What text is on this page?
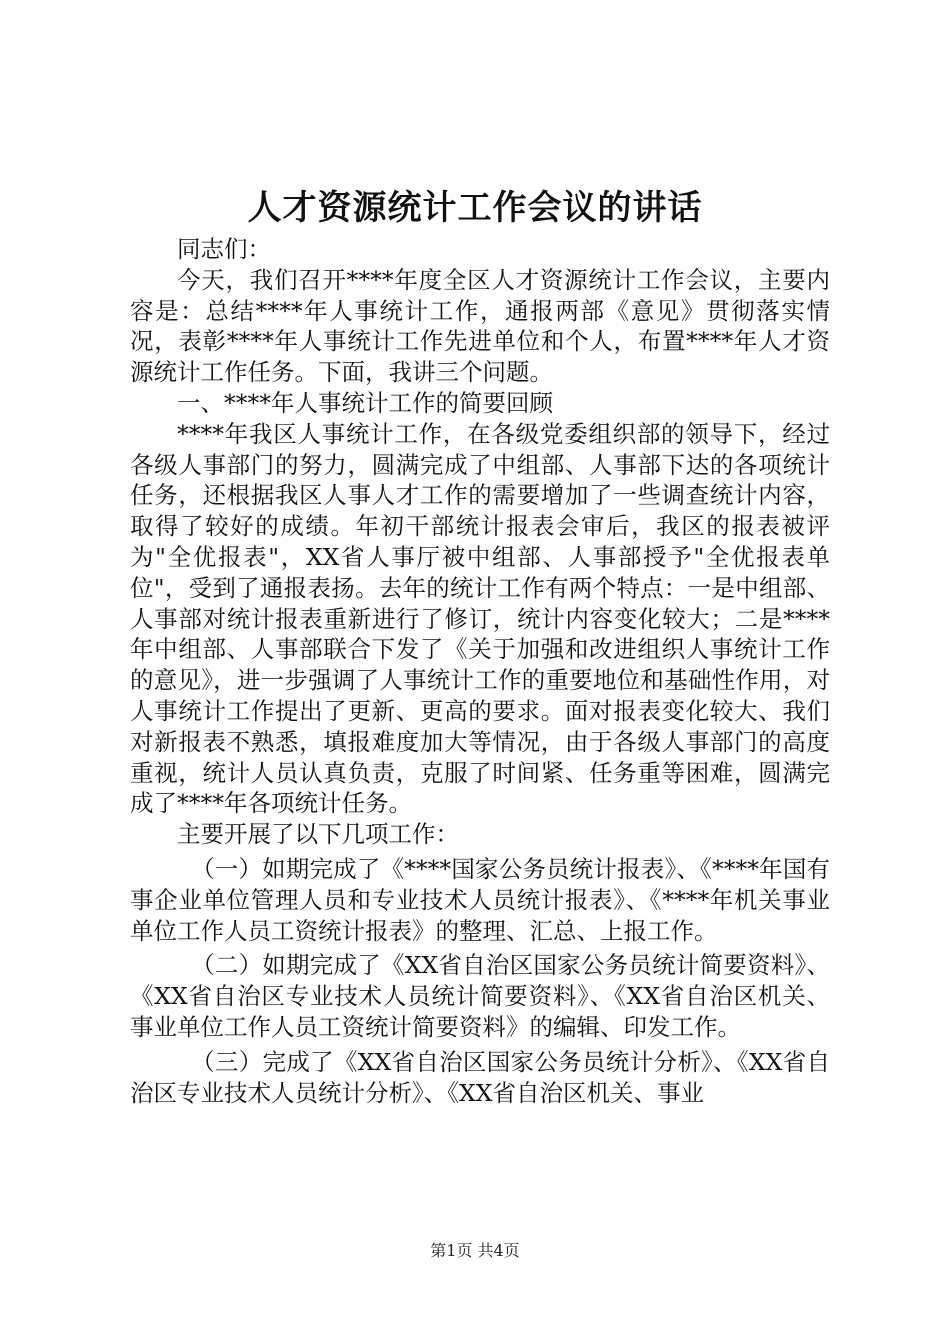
人才资源统计工作会议的讲话

同志们：

今天，我们召开****年度全区人才资源统计工作会议，主要内容是：总结****年人事统计工作，通报两部《意见》贯彻落实情况，表彰****年人事统计工作先进单位和个人，布置****年人才资源统计工作任务。下面，我讲三个问题。

一、****年人事统计工作的简要回顾

****年我区人事统计工作，在各级党委组织部的领导下，经过各级人事部门的努力，圆满完成了中组部、人事部下达的各项统计任务，还根据我区人事人才工作的需要增加了一些调查统计内容，取得了较好的成绩。年初干部统计报表会审后，我区的报表被评为"全优报表"，XX省人事厅被中组部、人事部授予"全优报表单位"，受到了通报表扬。去年的统计工作有两个特点：一是中组部、人事部对统计报表重新进行了修订，统计内容变化较大；二是****年中组部、人事部联合下发了《关于加强和改进组织人事统计工作的意见》，进一步强调了人事统计工作的重要地位和基础性作用，对人事统计工作提出了更新、更高的要求。面对报表变化较大、我们对新报表不熟悉，填报难度加大等情况，由于各级人事部门的高度重视，统计人员认真负责，克服了时间紧、任务重等困难，圆满完成了****年各项统计任务。

主要开展了以下几项工作：

（一）如期完成了《****国家公务员统计报表》、《****年国有事企业单位管理人员和专业技术人员统计报表》、《****年机关事业单位工作人员工资统计报表》的整理、汇总、上报工作。

（二）如期完成了《XX省自治区国家公务员统计简要资料》、《XX省自治区专业技术人员统计简要资料》、《XX省自治区机关、事业单位工作人员工资统计简要资料》的编辑、印发工作。

（三）完成了《XX省自治区国家公务员统计分析》、《XX省自治区专业技术人员统计分析》、《XX省自治区机关、事业

第1页 共4页
